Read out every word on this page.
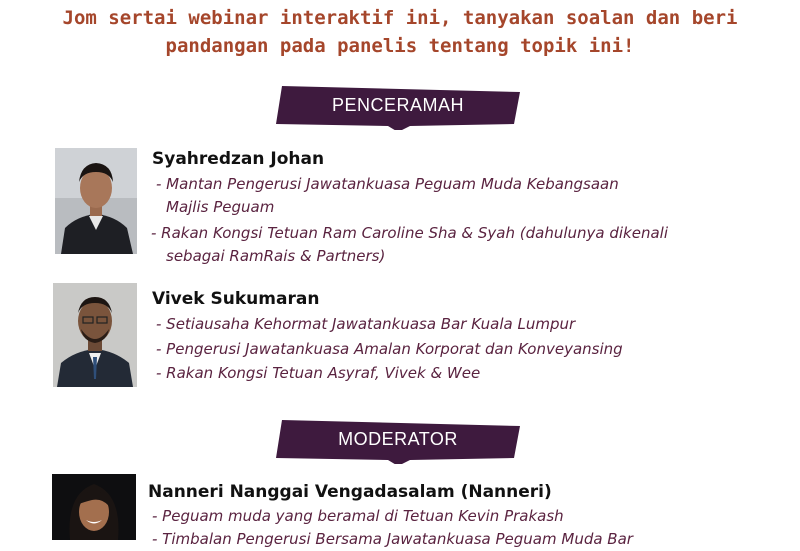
Jom sertai webinar interaktif ini, tanyakan soalan dan beri
pandangan pada panelis tentang topik ini!
PENCERAMAH
Syahredzan Johan
- Mantan Pengerusi Jawatankuasa Peguam Muda Kebangsaan
Majlis Peguam
- Rakan Kongsi Tetuan Ram Caroline Sha & Syah (dahulunya dikenali
sebagai RamRais & Partners)
Vivek Sukumaran
- Setiausaha Kehormat Jawatankuasa Bar Kuala Lumpur
- Pengerusi Jawatankuasa Amalan Korporat dan Konveyansing
- Rakan Kongsi Tetuan Asyraf, Vivek & Wee
MODERATOR
Nanneri Nanggai Vengadasalam (Nanneri)
- Peguam muda yang beramal di Tetuan Kevin Prakash
- Timbalan Pengerusi Bersama Jawatankuasa Peguam Muda Bar
